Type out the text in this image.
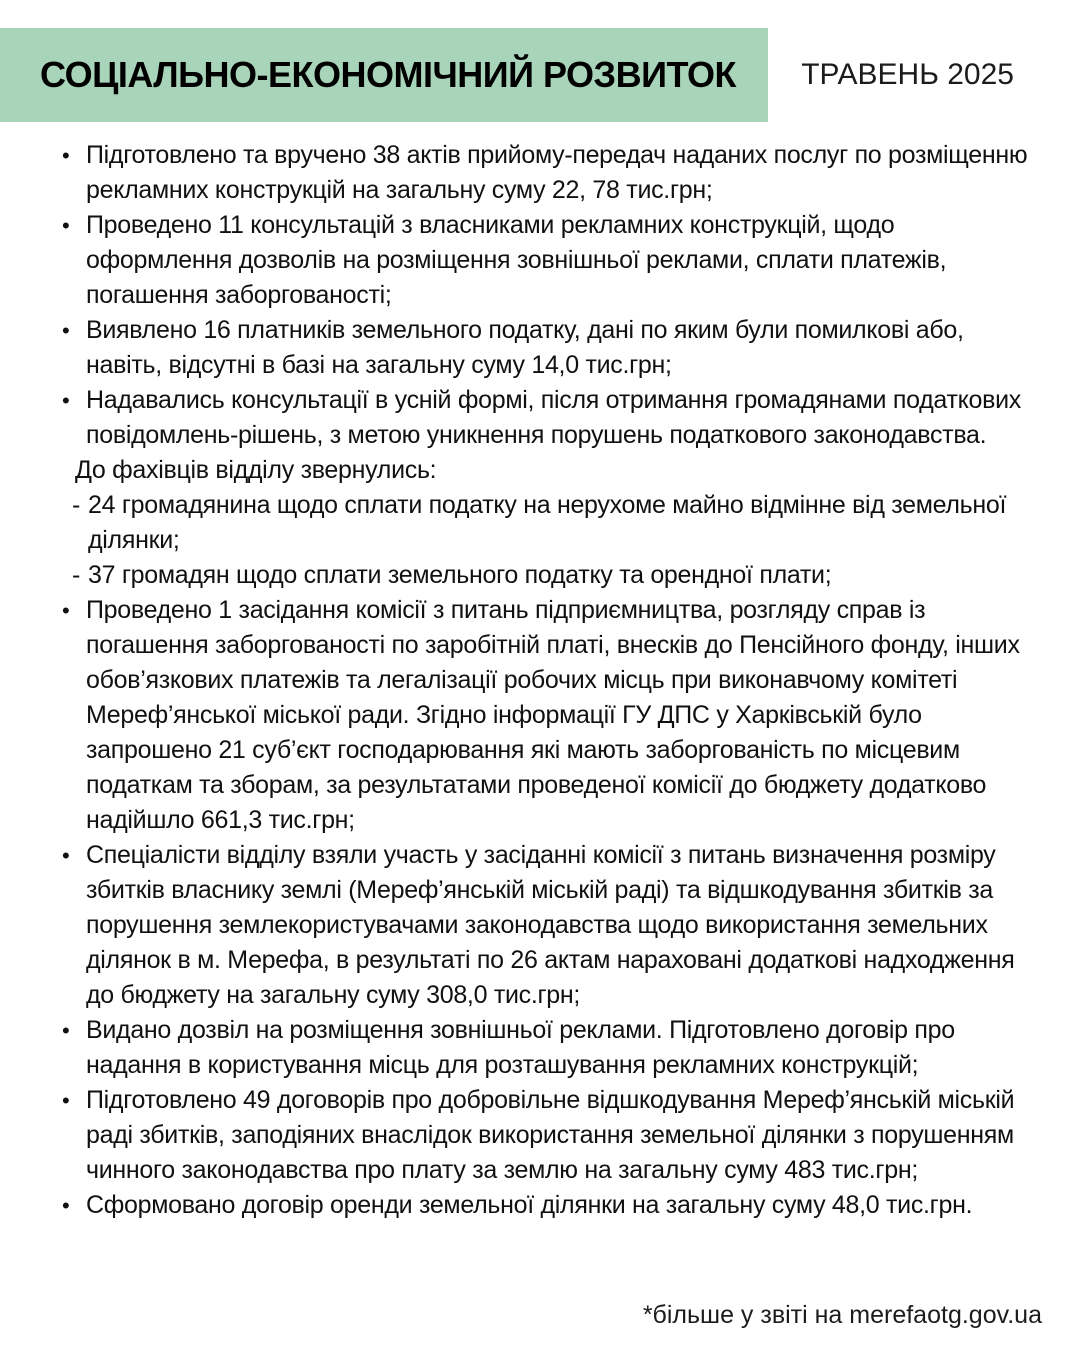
СОЦІАЛЬНО-ЕКОНОМІЧНИЙ РОЗВИТОК ТРАВЕНЬ 2025
• Підготовлено та вручено 38 актів прийому-передач наданих послуг по розміщенню рекламних конструкцій на загальну суму 22, 78 тис.грн;
• Проведено 11 консультацій з власниками рекламних конструкцій, щодо оформлення дозволів на розміщення зовнішньої реклами, сплати платежів, погашення заборгованості;
• Виявлено 16 платників земельного податку, дані по яким були помилкові або, навіть, відсутні в базі на загальну суму 14,0 тис.грн;
• Надавались консультації в усній формі, після отримання громадянами податкових повідомлень-рішень, з метою уникнення порушень податкового законодавства.
До фахівців відділу звернулись:
- 24 громадянина щодо сплати податку на нерухоме майно відмінне від земельної ділянки;
- 37 громадян щодо сплати земельного податку та орендної плати;
• Проведено 1 засідання комісії з питань підприємництва, розгляду справ із погашення заборгованості по заробітній платі, внесків до Пенсійного фонду, інших обов’язкових платежів та легалізації робочих місць при виконавчому комітеті Мереф’янської міської ради. Згідно інформації ГУ ДПС у Харківській було запрошено 21 суб’єкт господарювання які мають заборгованість по місцевим податкам та зборам, за результатами проведеної комісії до бюджету додатково надійшло 661,3 тис.грн;
• Спеціалісти відділу взяли участь у засіданні комісії з питань визначення розміру збитків власнику землі (Мереф’янській міській раді) та відшкодування збитків за порушення землекористувачами законодавства щодо використання земельних ділянок в м. Мерефа, в результаті по 26 актам нараховані додаткові надходження до бюджету на загальну суму 308,0 тис.грн;
• Видано дозвіл на розміщення зовнішньої реклами. Підготовлено договір про надання в користування місць для розташування рекламних конструкцій;
• Підготовлено 49 договорів про добровільне відшкодування Мереф’янській міській раді збитків, заподіяних внаслідок використання земельної ділянки з порушенням чинного законодавства про плату за землю на загальну суму 483 тис.грн;
• Сформовано договір оренди земельної ділянки на загальну суму 48,0 тис.грн.
*більше у звіті на merefaotg.gov.ua
